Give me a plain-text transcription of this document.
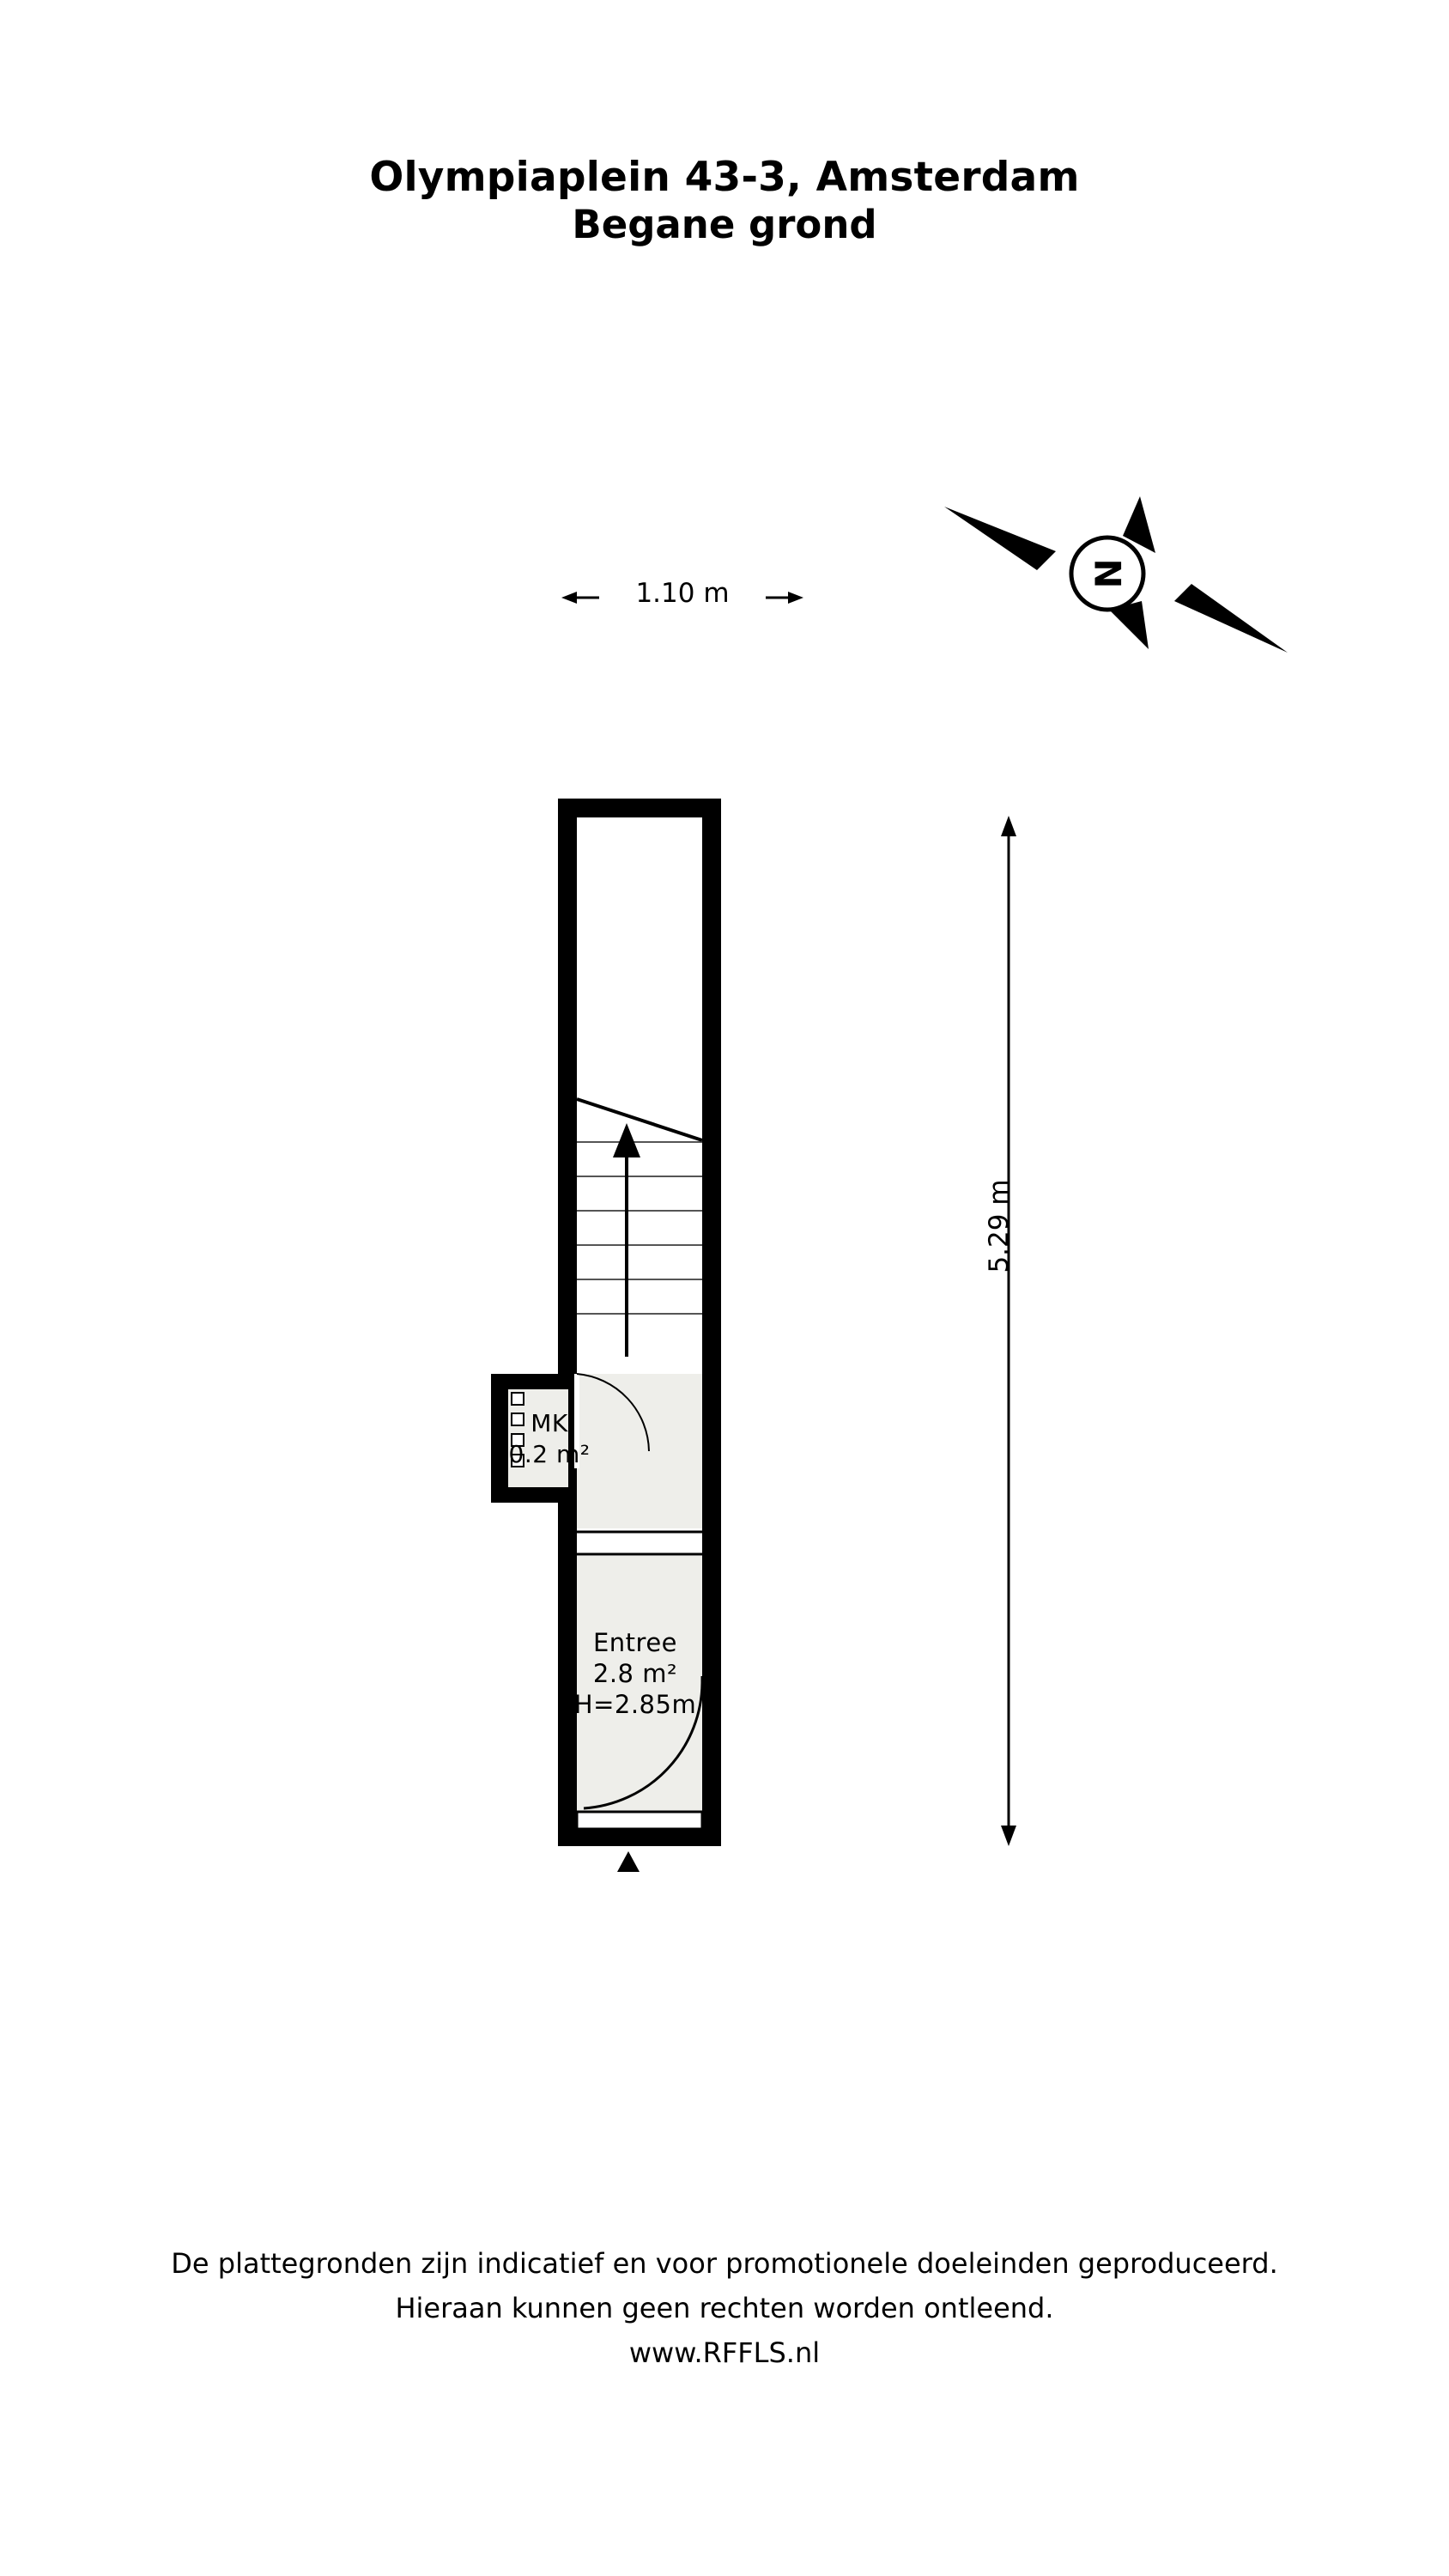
Olympiaplein 43-3, Amsterdam
Begane grond
N
1.10 m
5.29 m
Entree
2.8 m²
H=2.85m
MK
0.2 m²
De plattegronden zijn indicatief en voor promotionele doeleinden geproduceerd.
Hieraan kunnen geen rechten worden ontleend.
www.RFFLS.nl
